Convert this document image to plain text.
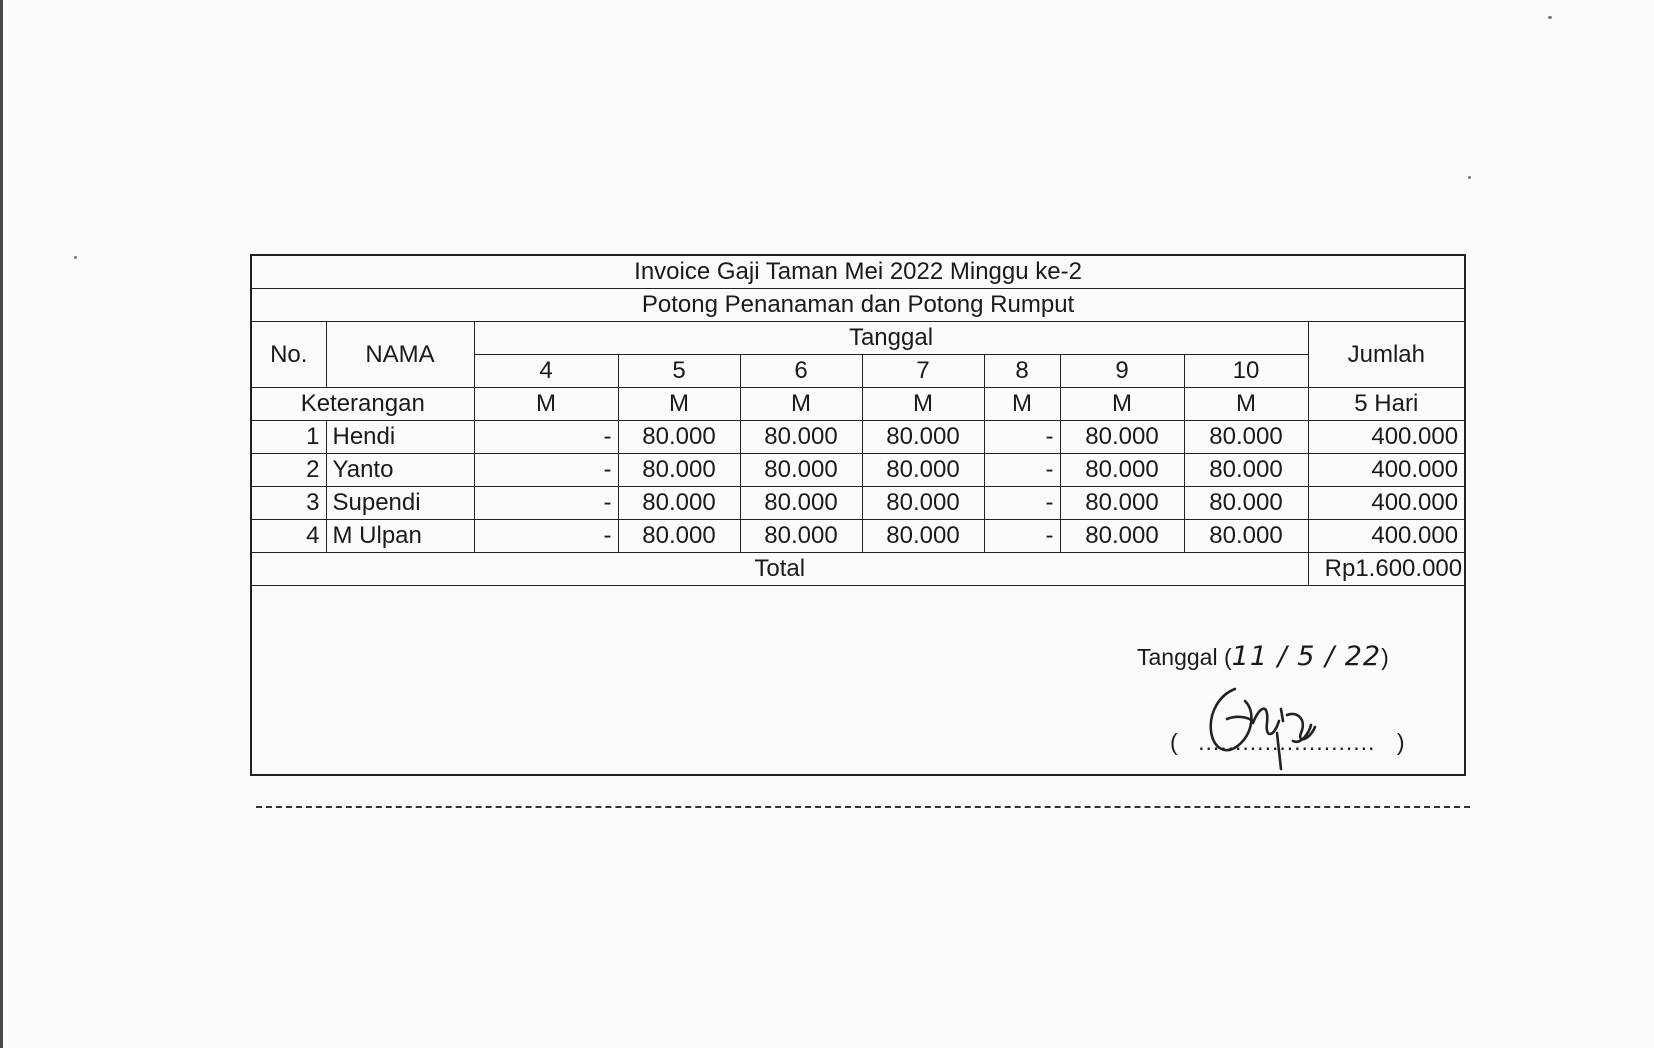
Invoice Gaji Taman Mei 2022 Minggu ke-2									
Potong Penanaman dan Potong Rumput									
No.	NAMA	Tanggal							Jumlah
		4	5	6	7	8	9	10	
Keterangan		M	M	M	M	M	M	M	5 Hari
1	Hendi	-	80.000	80.000	80.000	-	80.000	80.000	400.000
2	Yanto	-	80.000	80.000	80.000	-	80.000	80.000	400.000
3	Supendi	-	80.000	80.000	80.000	-	80.000	80.000	400.000
4	M Ulpan	-	80.000	80.000	80.000	-	80.000	80.000	400.000
Total									Rp1.600.000
Tanggal (11 / 5 / 22)
( ........................ )
